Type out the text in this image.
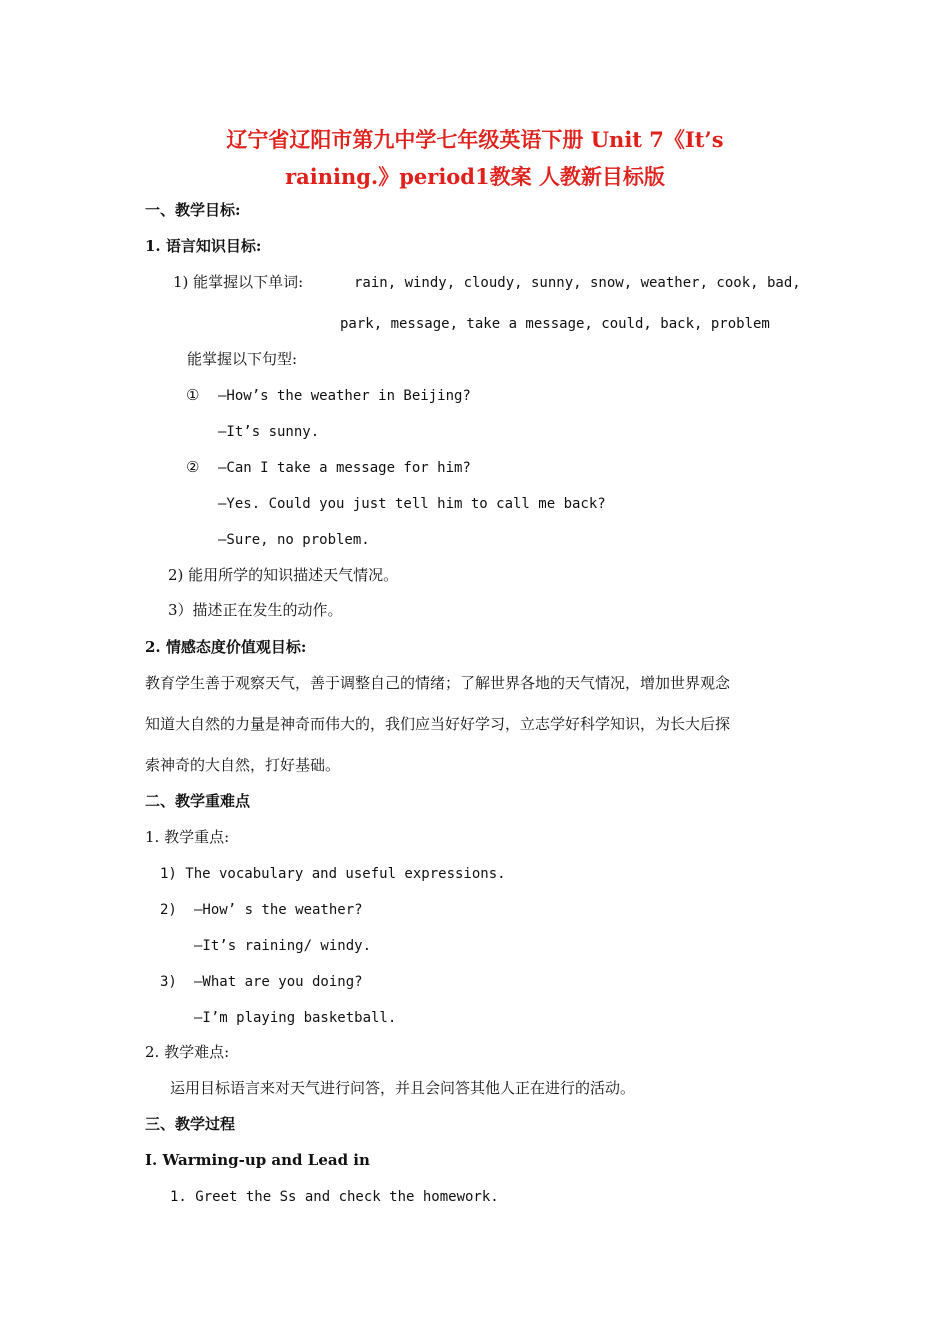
辽宁省辽阳市第九中学七年级英语下册 Unit 7《It’s
raining.》period1教案 人教新目标版
一、教学目标:
1. 语言知识目标:
1) 能掌握以下单词:	rain, windy, cloudy, sunny, snow, weather, cook, bad,
park, message, take a message, could, back, problem
能掌握以下句型:
① —How’s the weather in Beijing?
—It’s sunny.
② —Can I take a message for him?
—Yes. Could you just tell him to call me back?
—Sure, no problem.
2) 能用所学的知识描述天气情况。
3）描述正在发生的动作。
2. 情感态度价值观目标:
教育学生善于观察天气，善于调整自己的情绪；了解世界各地的天气情况，增加世界观念
知道大自然的力量是神奇而伟大的，我们应当好好学习，立志学好科学知识，为长大后探
索神奇的大自然，打好基础。
二、教学重难点
1. 教学重点:
1) The vocabulary and useful expressions.
2) —How’ s the weather?
—It’s raining/ windy.
3) —What are you doing?
—I’m playing basketball.
2. 教学难点:
运用目标语言来对天气进行问答，并且会问答其他人正在进行的活动。
三、教学过程
Ⅰ. Warming-up and Lead in
1. Greet the Ss and check the homework.
